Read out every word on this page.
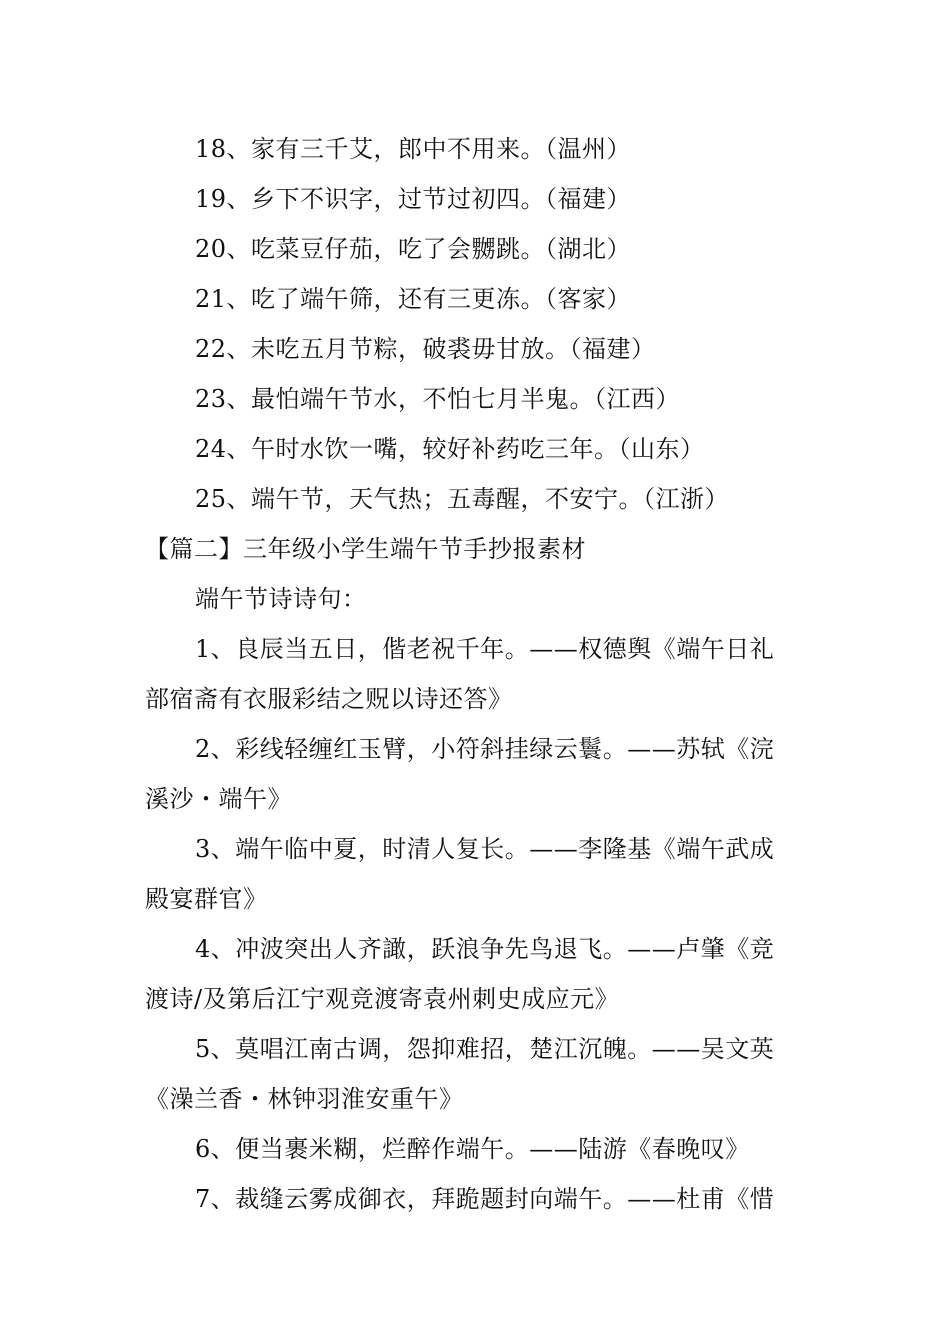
18、家有三千艾，郎中不用来。（温州）
19、乡下不识字，过节过初四。（福建）
20、吃菜豆仔茄，吃了会嬲跳。（湖北）
21、吃了端午筛，还有三更冻。（客家）
22、未吃五月节粽，破裘毋甘放。（福建）
23、最怕端午节水，不怕七月半鬼。（江西）
24、午时水饮一嘴，较好补药吃三年。（山东）
25、端午节，天气热；五毒醒，不安宁。（江浙）
【篇二】三年级小学生端午节手抄报素材
端午节诗诗句：
1、良辰当五日，偕老祝千年。——权德舆《端午日礼
部宿斋有衣服彩结之贶以诗还答》
2、彩线轻缠红玉臂，小符斜挂绿云鬟。——苏轼《浣
溪沙・端午》
3、端午临中夏，时清人复长。——李隆基《端午武成
殿宴群官》
4、冲波突出人齐譀，跃浪争先鸟退飞。——卢肇《竞
渡诗/及第后江宁观竞渡寄袁州刺史成应元》
5、莫唱江南古调，怨抑难招，楚江沉魄。——吴文英
《澡兰香・林钟羽淮安重午》
6、便当裹米糊，烂醉作端午。——陆游《春晚叹》
7、裁缝云雾成御衣，拜跪题封向端午。——杜甫《惜
